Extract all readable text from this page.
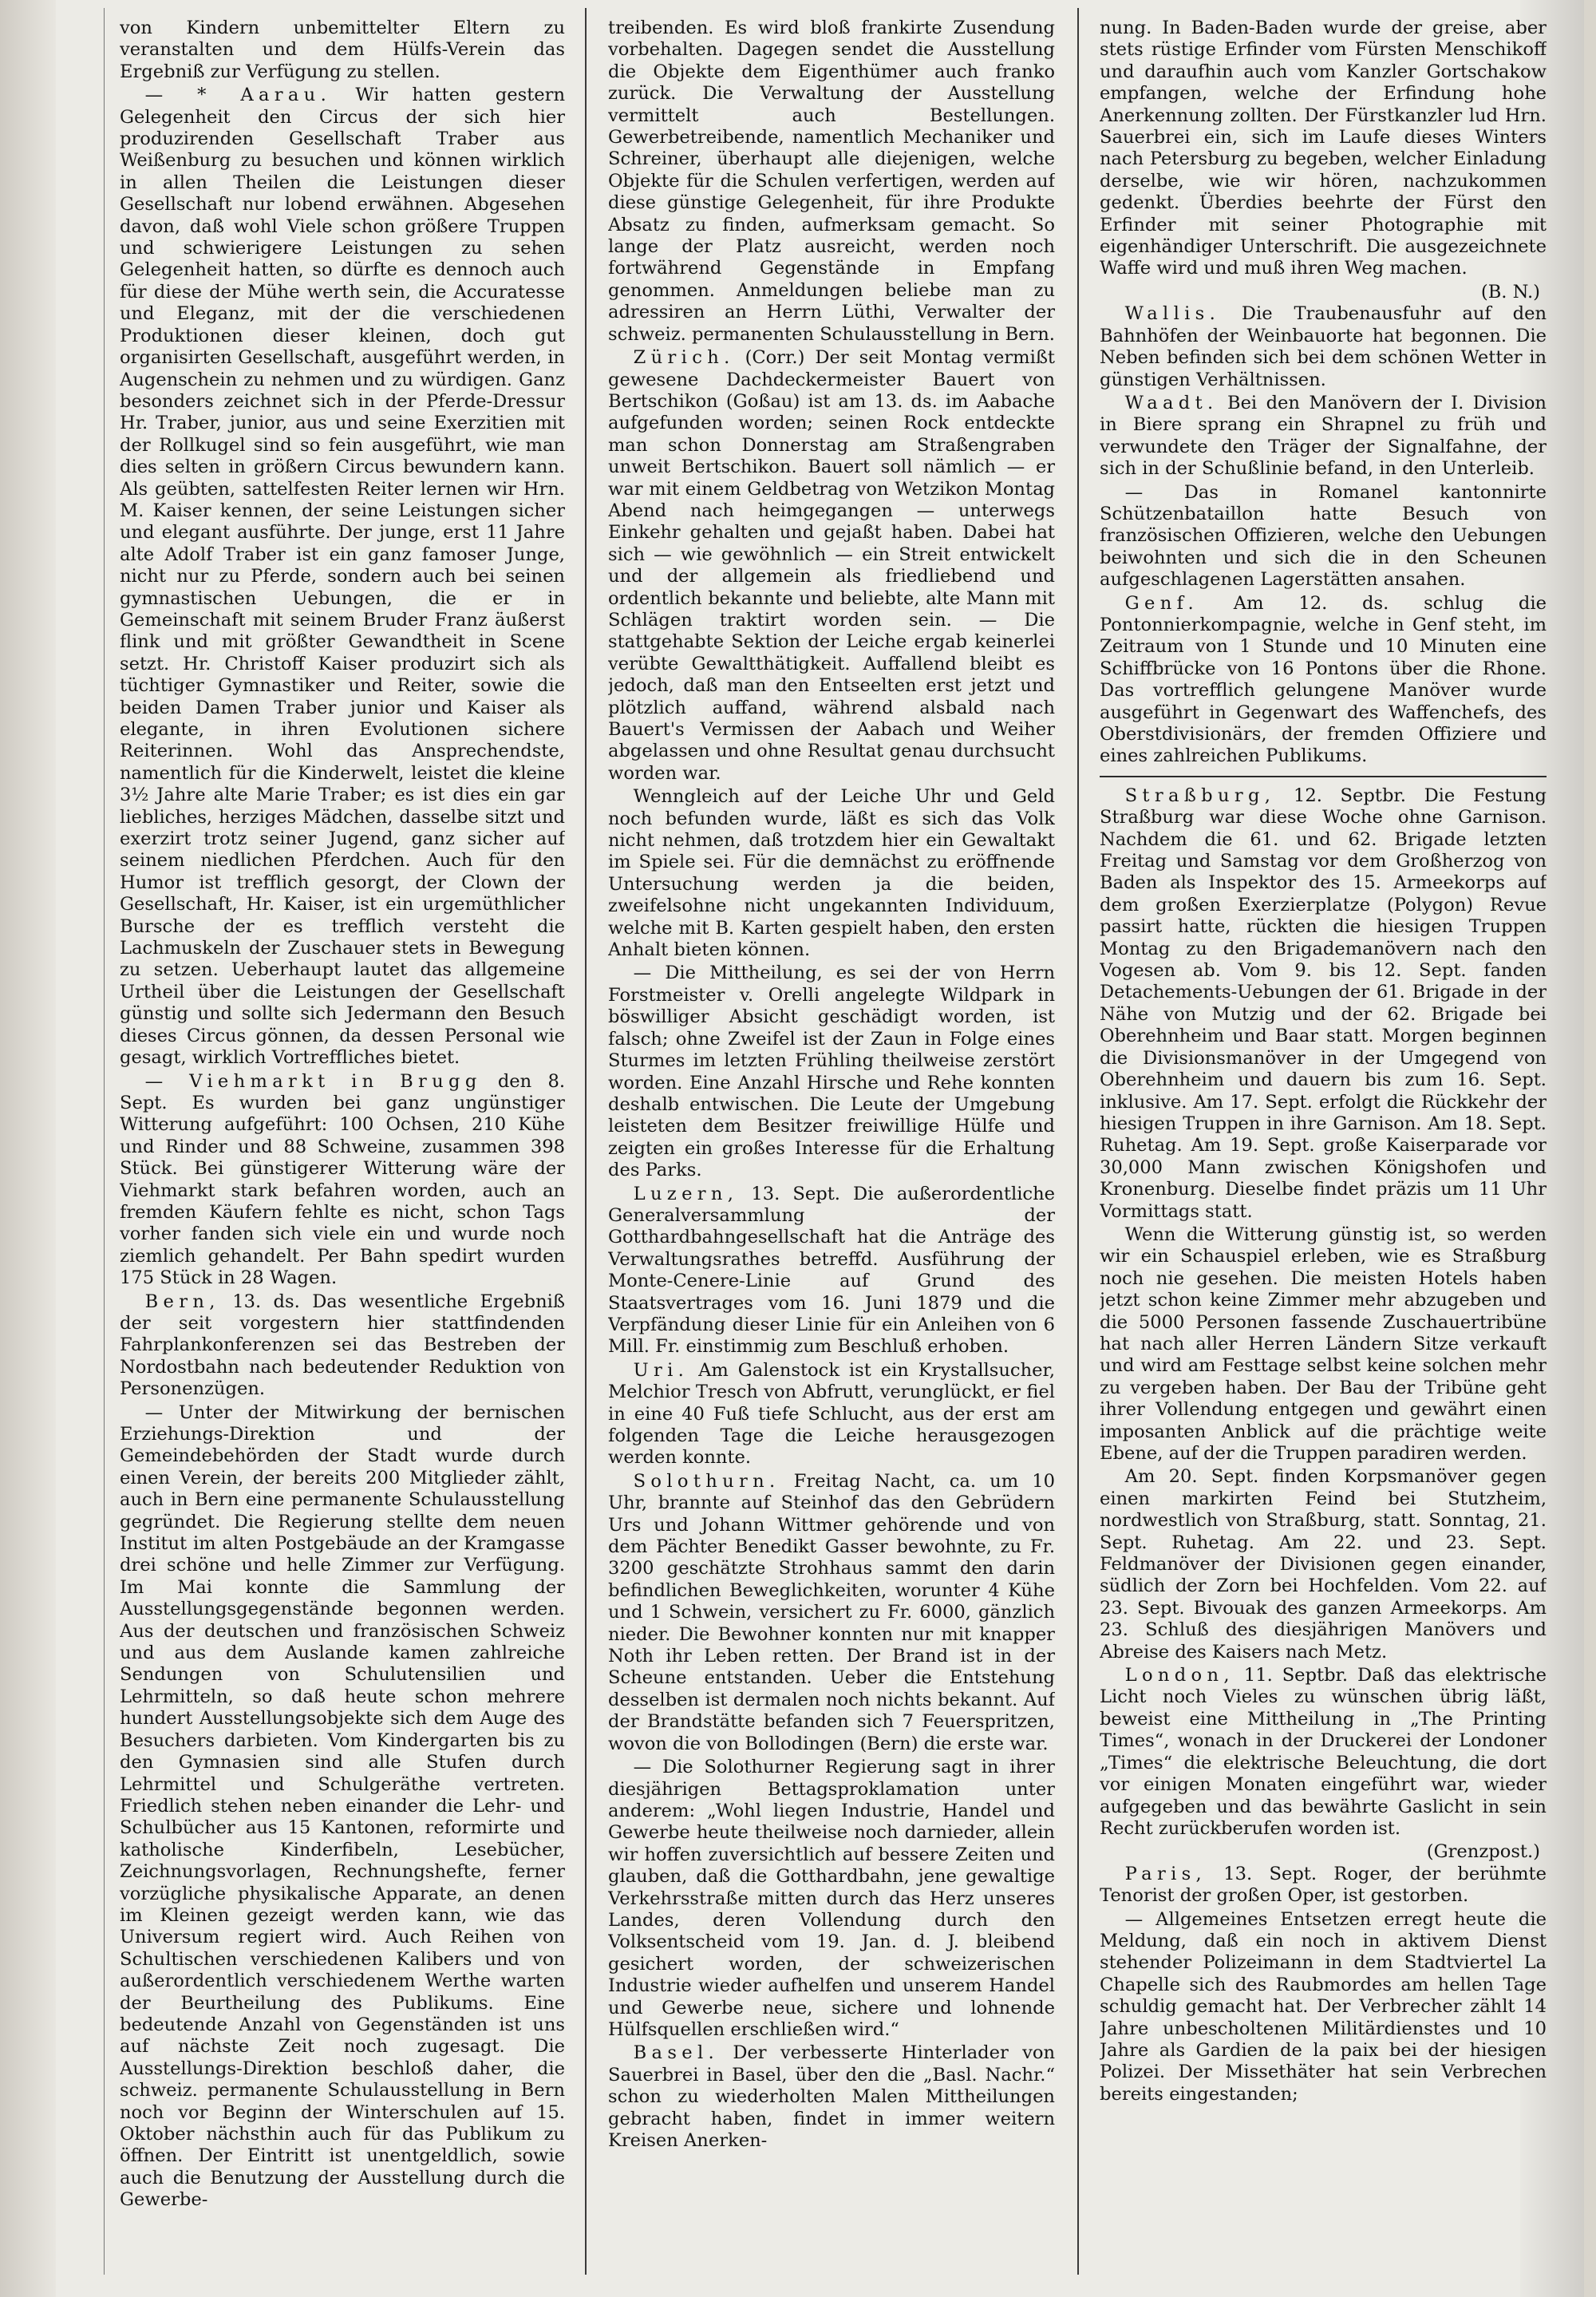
von Kindern unbemittelter Eltern zu veranstalten und dem Hülfs-Verein das Ergebniß zur Verfügung zu stellen.

— * Aarau. Wir hatten gestern Gelegenheit den Circus der sich hier produzirenden Gesellschaft Traber aus Weißenburg zu besuchen und können wirklich in allen Theilen die Leistungen dieser Gesellschaft nur lobend erwähnen. Abgesehen davon, daß wohl Viele schon größere Truppen und schwierigere Leistungen zu sehen Gelegenheit hatten, so dürfte es dennoch auch für diese der Mühe werth sein, die Accuratesse und Eleganz, mit der die verschiedenen Produktionen dieser kleinen, doch gut organisirten Gesellschaft, ausgeführt werden, in Augenschein zu nehmen und zu würdigen. Ganz besonders zeichnet sich in der Pferde-Dressur Hr. Traber, junior, aus und seine Exerzitien mit der Rollkugel sind so fein ausgeführt, wie man dies selten in größern Circus bewundern kann. Als geübten, sattelfesten Reiter lernen wir Hrn. M. Kaiser kennen, der seine Leistungen sicher und elegant ausführte. Der junge, erst 11 Jahre alte Adolf Traber ist ein ganz famoser Junge, nicht nur zu Pferde, sondern auch bei seinen gymnastischen Uebungen, die er in Gemeinschaft mit seinem Bruder Franz äußerst flink und mit größter Gewandtheit in Scene setzt. Hr. Christoff Kaiser produzirt sich als tüchtiger Gymnastiker und Reiter, sowie die beiden Damen Traber junior und Kaiser als elegante, in ihren Evolutionen sichere Reiterinnen. Wohl das Ansprechendste, namentlich für die Kinderwelt, leistet die kleine 3½ Jahre alte Marie Traber; es ist dies ein gar liebliches, herziges Mädchen, dasselbe sitzt und exerzirt trotz seiner Jugend, ganz sicher auf seinem niedlichen Pferdchen. Auch für den Humor ist trefflich gesorgt, der Clown der Gesellschaft, Hr. Kaiser, ist ein urgemüthlicher Bursche der es trefflich versteht die Lachmuskeln der Zuschauer stets in Bewegung zu setzen. Ueberhaupt lautet das allgemeine Urtheil über die Leistungen der Gesellschaft günstig und sollte sich Jedermann den Besuch dieses Circus gönnen, da dessen Personal wie gesagt, wirklich Vortreffliches bietet.

— Viehmarkt in Brugg den 8. Sept. Es wurden bei ganz ungünstiger Witterung aufgeführt: 100 Ochsen, 210 Kühe und Rinder und 88 Schweine, zusammen 398 Stück. Bei günstigerer Witterung wäre der Viehmarkt stark befahren worden, auch an fremden Käufern fehlte es nicht, schon Tags vorher fanden sich viele ein und wurde noch ziemlich gehandelt. Per Bahn spedirt wurden 175 Stück in 28 Wagen.

Bern, 13. ds. Das wesentliche Ergebniß der seit vorgestern hier stattfindenden Fahrplankonferenzen sei das Bestreben der Nordostbahn nach bedeutender Reduktion von Personenzügen.

— Unter der Mitwirkung der bernischen Erziehungs-Direktion und der Gemeindebehörden der Stadt wurde durch einen Verein, der bereits 200 Mitglieder zählt, auch in Bern eine permanente Schulausstellung gegründet. Die Regierung stellte dem neuen Institut im alten Postgebäude an der Kramgasse drei schöne und helle Zimmer zur Verfügung. Im Mai konnte die Sammlung der Ausstellungsgegenstände begonnen werden. Aus der deutschen und französischen Schweiz und aus dem Auslande kamen zahlreiche Sendungen von Schulutensilien und Lehrmitteln, so daß heute schon mehrere hundert Ausstellungsobjekte sich dem Auge des Besuchers darbieten. Vom Kindergarten bis zu den Gymnasien sind alle Stufen durch Lehrmittel und Schulgeräthe vertreten. Friedlich stehen neben einander die Lehr- und Schulbücher aus 15 Kantonen, reformirte und katholische Kinderfibeln, Lesebücher, Zeichnungsvorlagen, Rechnungshefte, ferner vorzügliche physikalische Apparate, an denen im Kleinen gezeigt werden kann, wie das Universum regiert wird. Auch Reihen von Schultischen verschiedenen Kalibers und von außerordentlich verschiedenem Werthe warten der Beurtheilung des Publikums. Eine bedeutende Anzahl von Gegenständen ist uns auf nächste Zeit noch zugesagt. Die Ausstellungs-Direktion beschloß daher, die schweiz. permanente Schulausstellung in Bern noch vor Beginn der Winterschulen auf 15. Oktober nächsthin auch für das Publikum zu öffnen. Der Eintritt ist unentgeldlich, sowie auch die Benutzung der Ausstellung durch die Gewerbe-

treibenden. Es wird bloß frankirte Zusendung vorbehalten. Dagegen sendet die Ausstellung die Objekte dem Eigenthümer auch franko zurück. Die Verwaltung der Ausstellung vermittelt auch Bestellungen. Gewerbetreibende, namentlich Mechaniker und Schreiner, überhaupt alle diejenigen, welche Objekte für die Schulen verfertigen, werden auf diese günstige Gelegenheit, für ihre Produkte Absatz zu finden, aufmerksam gemacht. So lange der Platz ausreicht, werden noch fortwährend Gegenstände in Empfang genommen. Anmeldungen beliebe man zu adressiren an Herrn Lüthi, Verwalter der schweiz. permanenten Schulausstellung in Bern.

Zürich. (Corr.) Der seit Montag vermißt gewesene Dachdeckermeister Bauert von Bertschikon (Goßau) ist am 13. ds. im Aabache aufgefunden worden; seinen Rock entdeckte man schon Donnerstag am Straßengraben unweit Bertschikon. Bauert soll nämlich — er war mit einem Geldbetrag von Wetzikon Montag Abend nach heimgegangen — unterwegs Einkehr gehalten und gejaßt haben. Dabei hat sich — wie gewöhnlich — ein Streit entwickelt und der allgemein als friedliebend und ordentlich bekannte und beliebte, alte Mann mit Schlägen traktirt worden sein. — Die stattgehabte Sektion der Leiche ergab keinerlei verübte Gewaltthätigkeit. Auffallend bleibt es jedoch, daß man den Entseelten erst jetzt und plötzlich auffand, während alsbald nach Bauert's Vermissen der Aabach und Weiher abgelassen und ohne Resultat genau durchsucht worden war.

Wenngleich auf der Leiche Uhr und Geld noch befunden wurde, läßt es sich das Volk nicht nehmen, daß trotzdem hier ein Gewaltakt im Spiele sei. Für die demnächst zu eröffnende Untersuchung werden ja die beiden, zweifelsohne nicht ungekannten Individuum, welche mit B. Karten gespielt haben, den ersten Anhalt bieten können.

— Die Mittheilung, es sei der von Herrn Forstmeister v. Orelli angelegte Wildpark in böswilliger Absicht geschädigt worden, ist falsch; ohne Zweifel ist der Zaun in Folge eines Sturmes im letzten Frühling theilweise zerstört worden. Eine Anzahl Hirsche und Rehe konnten deshalb entwischen. Die Leute der Umgebung leisteten dem Besitzer freiwillige Hülfe und zeigten ein großes Interesse für die Erhaltung des Parks.

Luzern, 13. Sept. Die außerordentliche Generalversammlung der Gotthardbahngesellschaft hat die Anträge des Verwaltungsrathes betreffd. Ausführung der Monte-Cenere-Linie auf Grund des Staatsvertrages vom 16. Juni 1879 und die Verpfändung dieser Linie für ein Anleihen von 6 Mill. Fr. einstimmig zum Beschluß erhoben.

Uri. Am Galenstock ist ein Krystallsucher, Melchior Tresch von Abfrutt, verunglückt, er fiel in eine 40 Fuß tiefe Schlucht, aus der erst am folgenden Tage die Leiche herausgezogen werden konnte.

Solothurn. Freitag Nacht, ca. um 10 Uhr, brannte auf Steinhof das den Gebrüdern Urs und Johann Wittmer gehörende und von dem Pächter Benedikt Gasser bewohnte, zu Fr. 3200 geschätzte Strohhaus sammt den darin befindlichen Beweglichkeiten, worunter 4 Kühe und 1 Schwein, versichert zu Fr. 6000, gänzlich nieder. Die Bewohner konnten nur mit knapper Noth ihr Leben retten. Der Brand ist in der Scheune entstanden. Ueber die Entstehung desselben ist dermalen noch nichts bekannt. Auf der Brandstätte befanden sich 7 Feuerspritzen, wovon die von Bollodingen (Bern) die erste war.

— Die Solothurner Regierung sagt in ihrer diesjährigen Bettagsproklamation unter anderem: „Wohl liegen Industrie, Handel und Gewerbe heute theilweise noch darnieder, allein wir hoffen zuversichtlich auf bessere Zeiten und glauben, daß die Gotthardbahn, jene gewaltige Verkehrsstraße mitten durch das Herz unseres Landes, deren Vollendung durch den Volksentscheid vom 19. Jan. d. J. bleibend gesichert worden, der schweizerischen Industrie wieder aufhelfen und unserem Handel und Gewerbe neue, sichere und lohnende Hülfsquellen erschließen wird.“

Basel. Der verbesserte Hinterlader von Sauerbrei in Basel, über den die „Basl. Nachr.“ schon zu wiederholten Malen Mittheilungen gebracht haben, findet in immer weitern Kreisen Anerken-

nung. In Baden-Baden wurde der greise, aber stets rüstige Erfinder vom Fürsten Menschikoff und daraufhin auch vom Kanzler Gortschakow empfangen, welche der Erfindung hohe Anerkennung zollten. Der Fürstkanzler lud Hrn. Sauerbrei ein, sich im Laufe dieses Winters nach Petersburg zu begeben, welcher Einladung derselbe, wie wir hören, nachzukommen gedenkt. Überdies beehrte der Fürst den Erfinder mit seiner Photographie mit eigenhändiger Unterschrift. Die ausgezeichnete Waffe wird und muß ihren Weg machen.

(B. N.)

Wallis. Die Traubenausfuhr auf den Bahnhöfen der Weinbauorte hat begonnen. Die Neben befinden sich bei dem schönen Wetter in günstigen Verhältnissen.

Waadt. Bei den Manövern der I. Division in Biere sprang ein Shrapnel zu früh und verwundete den Träger der Signalfahne, der sich in der Schußlinie befand, in den Unterleib.

— Das in Romanel kantonnirte Schützenbataillon hatte Besuch von französischen Offizieren, welche den Uebungen beiwohnten und sich die in den Scheunen aufgeschlagenen Lagerstätten ansahen.

Genf. Am 12. ds. schlug die Pontonnierkompagnie, welche in Genf steht, im Zeitraum von 1 Stunde und 10 Minuten eine Schiffbrücke von 16 Pontons über die Rhone. Das vortrefflich gelungene Manöver wurde ausgeführt in Gegenwart des Waffenchefs, des Oberstdivisionärs, der fremden Offiziere und eines zahlreichen Publikums.

Straßburg, 12. Septbr. Die Festung Straßburg war diese Woche ohne Garnison. Nachdem die 61. und 62. Brigade letzten Freitag und Samstag vor dem Großherzog von Baden als Inspektor des 15. Armeekorps auf dem großen Exerzierplatze (Polygon) Revue passirt hatte, rückten die hiesigen Truppen Montag zu den Brigademanövern nach den Vogesen ab. Vom 9. bis 12. Sept. fanden Detachements-Uebungen der 61. Brigade in der Nähe von Mutzig und der 62. Brigade bei Oberehnheim und Baar statt. Morgen beginnen die Divisionsmanöver in der Umgegend von Oberehnheim und dauern bis zum 16. Sept. inklusive. Am 17. Sept. erfolgt die Rückkehr der hiesigen Truppen in ihre Garnison. Am 18. Sept. Ruhetag. Am 19. Sept. große Kaiserparade vor 30,000 Mann zwischen Königshofen und Kronenburg. Dieselbe findet präzis um 11 Uhr Vormittags statt.

Wenn die Witterung günstig ist, so werden wir ein Schauspiel erleben, wie es Straßburg noch nie gesehen. Die meisten Hotels haben jetzt schon keine Zimmer mehr abzugeben und die 5000 Personen fassende Zuschauertribüne hat nach aller Herren Ländern Sitze verkauft und wird am Festtage selbst keine solchen mehr zu vergeben haben. Der Bau der Tribüne geht ihrer Vollendung entgegen und gewährt einen imposanten Anblick auf die prächtige weite Ebene, auf der die Truppen paradiren werden.

Am 20. Sept. finden Korpsmanöver gegen einen markirten Feind bei Stutzheim, nordwestlich von Straßburg, statt. Sonntag, 21. Sept. Ruhetag. Am 22. und 23. Sept. Feldmanöver der Divisionen gegen einander, südlich der Zorn bei Hochfelden. Vom 22. auf 23. Sept. Bivouak des ganzen Armeekorps. Am 23. Schluß des diesjährigen Manövers und Abreise des Kaisers nach Metz.

London, 11. Septbr. Daß das elektrische Licht noch Vieles zu wünschen übrig läßt, beweist eine Mittheilung in „The Printing Times“, wonach in der Druckerei der Londoner „Times“ die elektrische Beleuchtung, die dort vor einigen Monaten eingeführt war, wieder aufgegeben und das bewährte Gaslicht in sein Recht zurückberufen worden ist.

(Grenzpost.)

Paris, 13. Sept. Roger, der berühmte Tenorist der großen Oper, ist gestorben.

— Allgemeines Entsetzen erregt heute die Meldung, daß ein noch in aktivem Dienst stehender Polizeimann in dem Stadtviertel La Chapelle sich des Raubmordes am hellen Tage schuldig gemacht hat. Der Verbrecher zählt 14 Jahre unbescholtenen Militärdienstes und 10 Jahre als Gardien de la paix bei der hiesigen Polizei. Der Missethäter hat sein Verbrechen bereits eingestanden;
